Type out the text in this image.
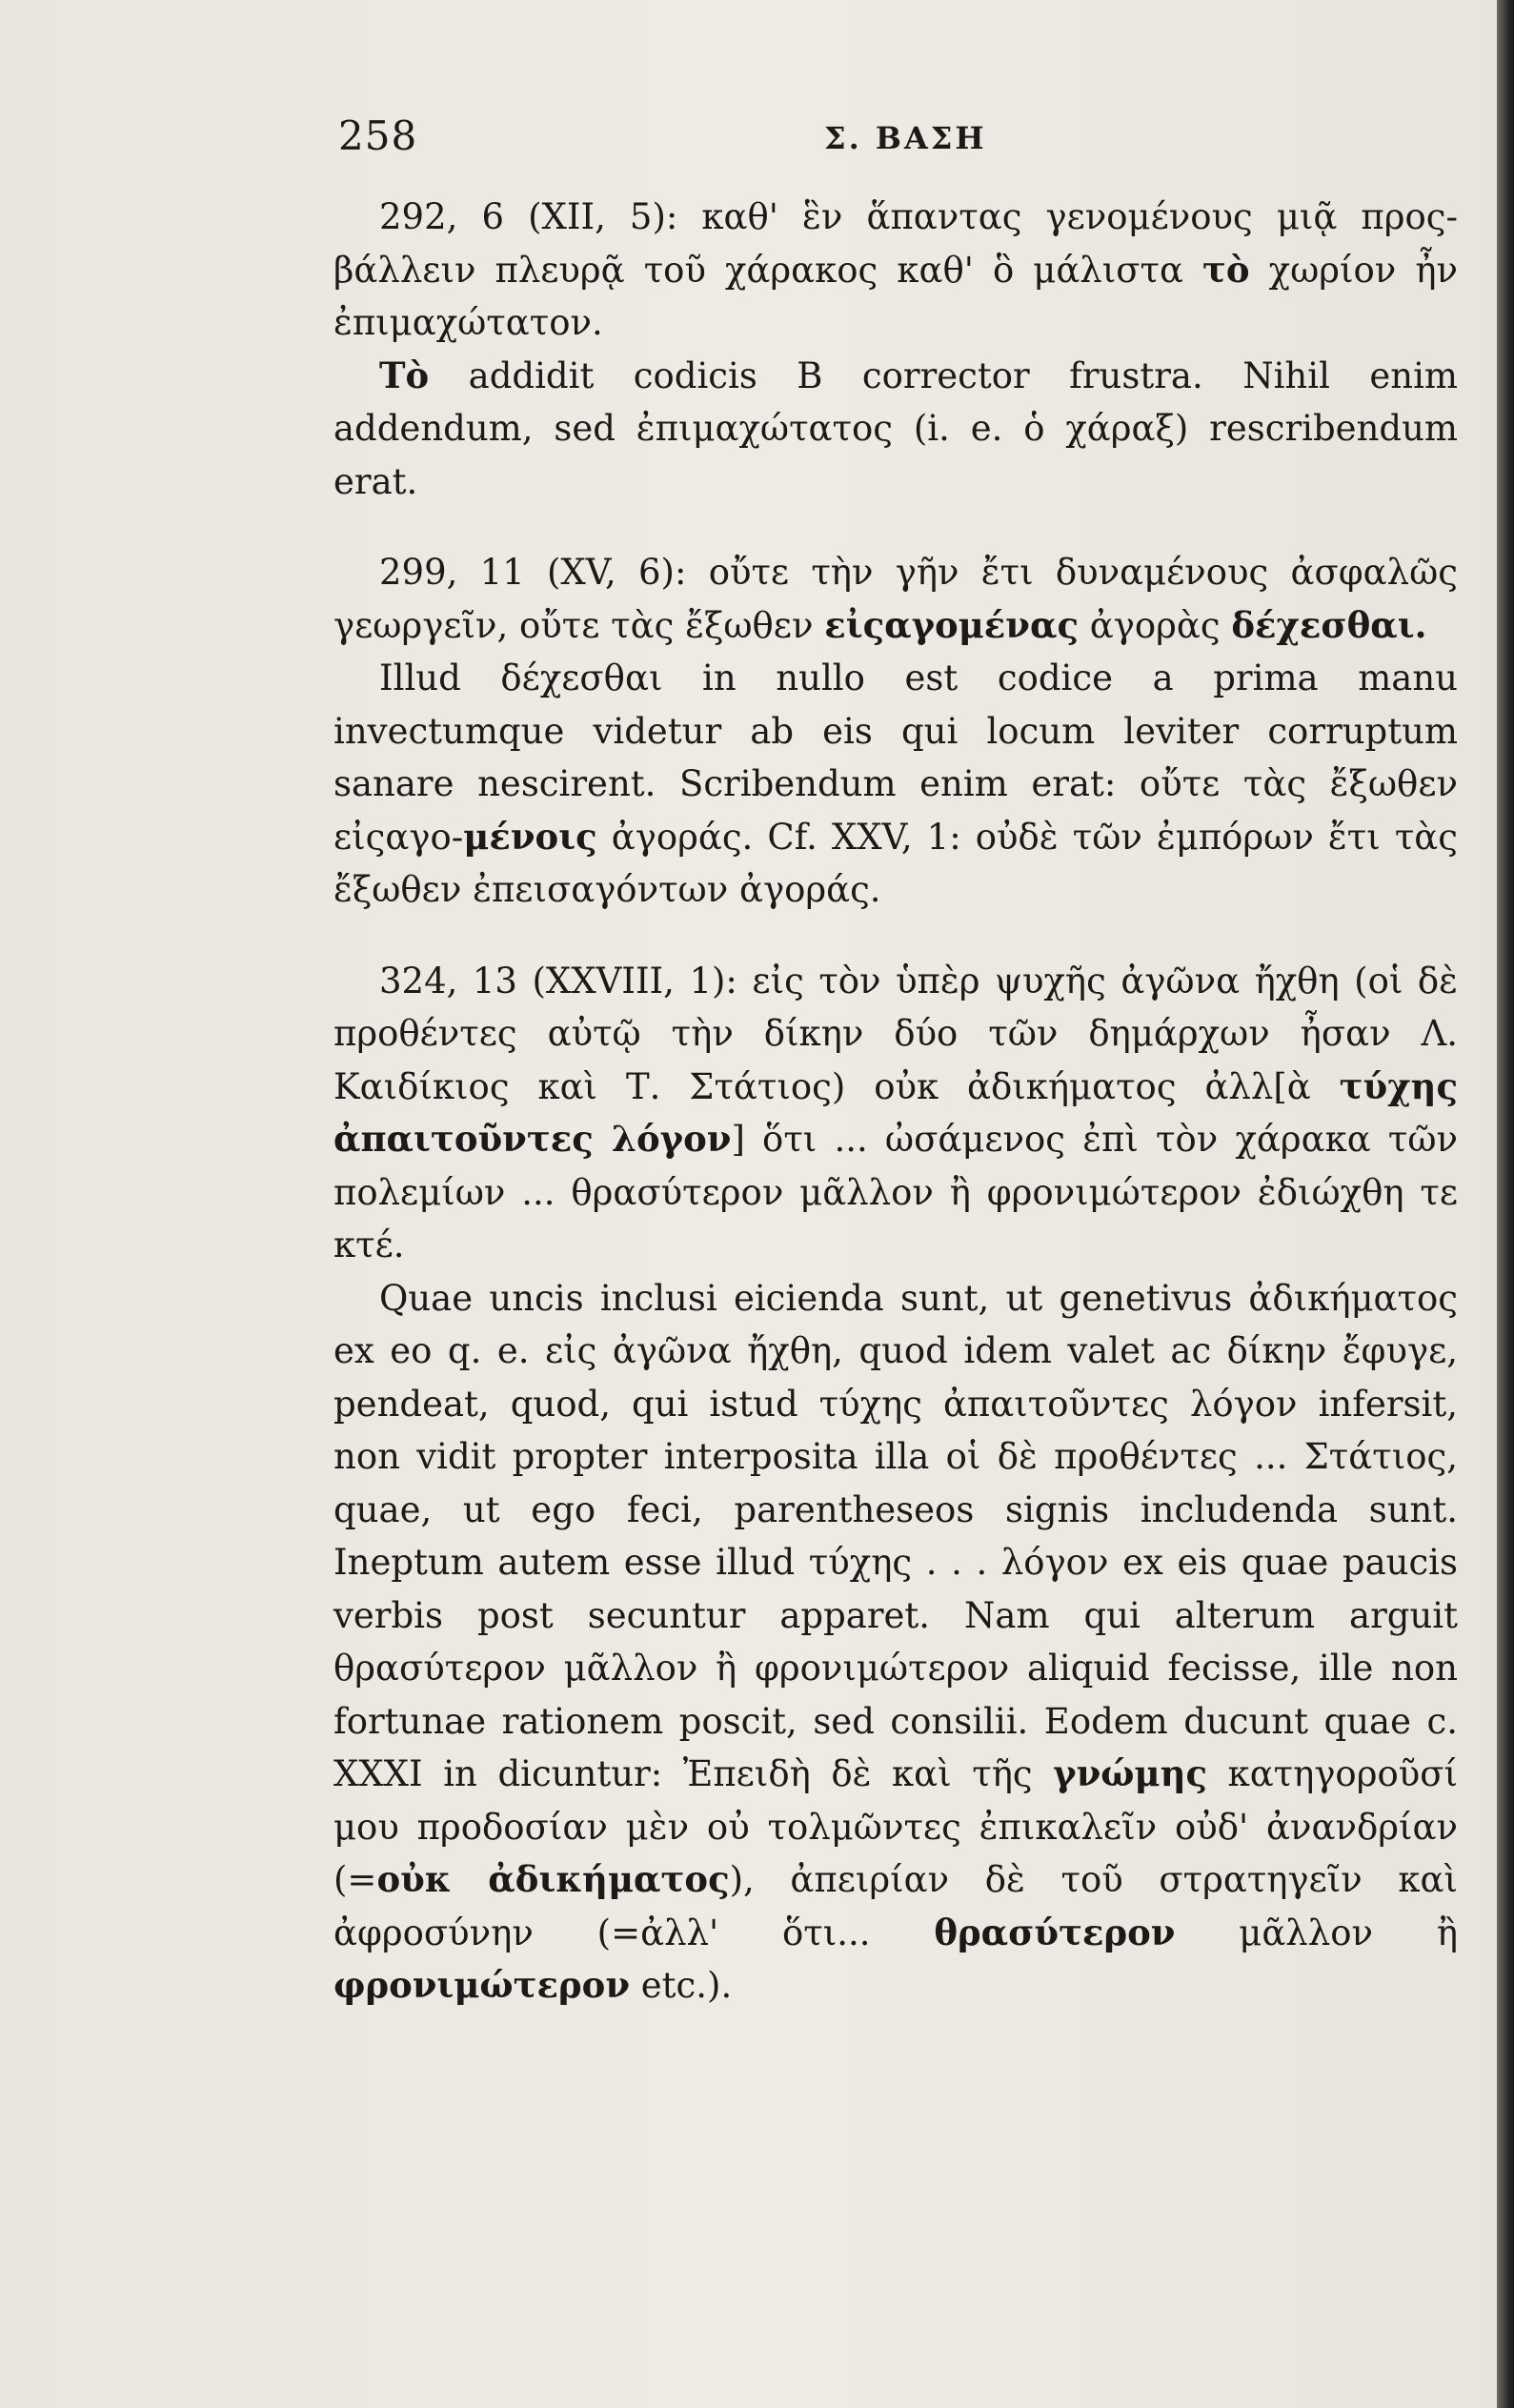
258	Σ. ΒΑΣΗ

292, 6 (XII, 5): καθ' ἓν ἅπαντας γενομένους μιᾷ προς-βάλλειν πλευρᾷ τοῦ χάρακος καθ' ὃ μάλιστα τὸ χωρίον ἦν ἐπιμαχώτατον.

Τὸ addidit codicis B corrector frustra. Nihil enim addendum, sed ἐπιμαχώτατος (i. e. ὁ χάραξ) rescribendum erat.

299, 11 (XV, 6): οὔτε τὴν γῆν ἔτι δυναμένους ἀσφαλῶς γεωργεῖν, οὔτε τὰς ἔξωθεν εἰςαγομένας ἀγορὰς δέχεσθαι.

Illud δέχεσθαι in nullo est codice a prima manu invectumque videtur ab eis qui locum leviter corruptum sanare nescirent. Scribendum enim erat: οὔτε τὰς ἔξωθεν εἰςαγο-μένοις ἀγοράς. Cf. XXV, 1: οὐδὲ τῶν ἐμπόρων ἔτι τὰς ἔξωθεν ἐπεισαγόντων ἀγοράς.

324, 13 (XXVIII, 1): εἰς τὸν ὑπὲρ ψυχῆς ἀγῶνα ἤχθη (οἱ δὲ προθέντες αὐτῷ τὴν δίκην δύο τῶν δημάρχων ἦσαν Λ. Καιδίκιος καὶ Τ. Στάτιος) οὐκ ἀδικήματος ἀλλ[ὰ τύχης ἀπαιτοῦντες λόγον] ὅτι ... ὠσάμενος ἐπὶ τὸν χάρακα τῶν πολεμίων ... θρασύτερον μᾶλλον ἢ φρονιμώτερον ἐδιώχθη τε κτέ.

Quae uncis inclusi eicienda sunt, ut genetivus ἀδικήματος ex eo q. e. εἰς ἀγῶνα ἤχθη, quod idem valet ac δίκην ἔφυγε, pendeat, quod, qui istud τύχης ἀπαιτοῦντες λόγον infersit, non vidit propter interposita illa οἱ δὲ προθέντες ... Στάτιος, quae, ut ego feci, parentheseos signis includenda sunt. Ineptum autem esse illud τύχης . . . λόγον ex eis quae paucis verbis post secuntur apparet. Nam qui alterum arguit θρασύτερον μᾶλλον ἢ φρονιμώτερον aliquid fecisse, ille non fortunae rationem poscit, sed consilii. Eodem ducunt quae c. XXXI in dicuntur: Ἐπειδὴ δὲ καὶ τῆς γνώμης κατηγοροῦσί μου προδοσίαν μὲν οὐ τολμῶντες ἐπικαλεῖν οὐδ' ἀνανδρίαν (=οὐκ ἀδικήματος), ἀπειρίαν δὲ τοῦ στρατηγεῖν καὶ ἀφροσύνην (=ἀλλ' ὅτι... θρασύτερον μᾶλλον ἢ φρονιμώτερον etc.).
